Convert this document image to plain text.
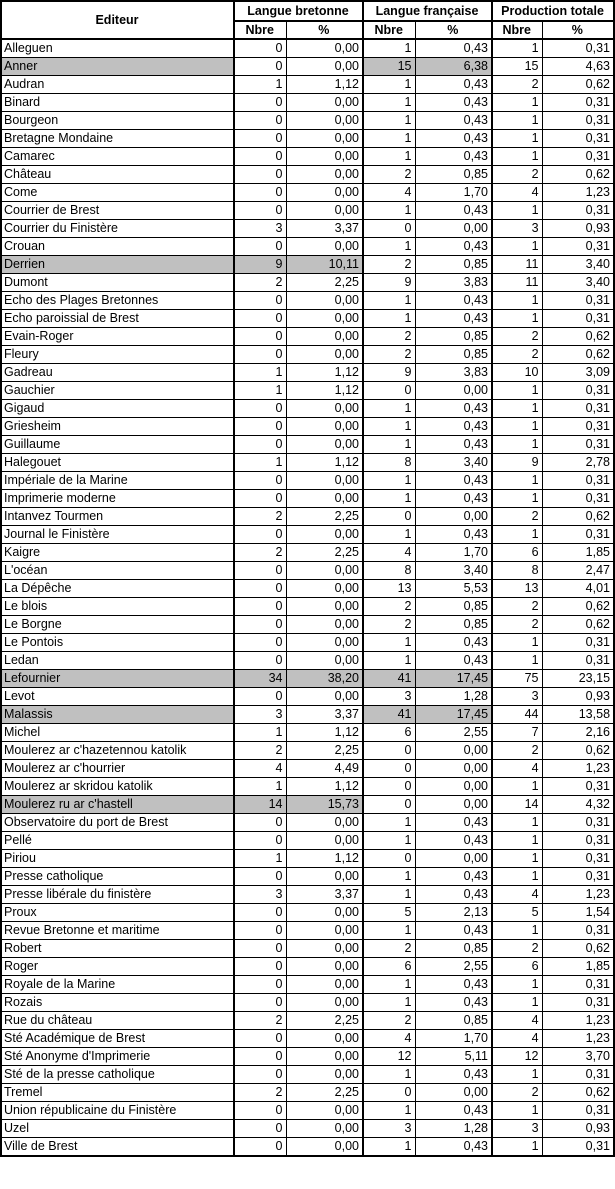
Editeur	Langue bretonne		Langue française		Production totale	
	Nbre	%	Nbre	%	Nbre	%
Alleguen	0	0,00	1	0,43	1	0,31
Anner	0	0,00	15	6,38	15	4,63
Audran	1	1,12	1	0,43	2	0,62
Binard	0	0,00	1	0,43	1	0,31
Bourgeon	0	0,00	1	0,43	1	0,31
Bretagne Mondaine	0	0,00	1	0,43	1	0,31
Camarec	0	0,00	1	0,43	1	0,31
Château	0	0,00	2	0,85	2	0,62
Come	0	0,00	4	1,70	4	1,23
Courrier de Brest	0	0,00	1	0,43	1	0,31
Courrier du Finistère	3	3,37	0	0,00	3	0,93
Crouan	0	0,00	1	0,43	1	0,31
Derrien	9	10,11	2	0,85	11	3,40
Dumont	2	2,25	9	3,83	11	3,40
Echo des Plages Bretonnes	0	0,00	1	0,43	1	0,31
Echo paroissial de Brest	0	0,00	1	0,43	1	0,31
Evain-Roger	0	0,00	2	0,85	2	0,62
Fleury	0	0,00	2	0,85	2	0,62
Gadreau	1	1,12	9	3,83	10	3,09
Gauchier	1	1,12	0	0,00	1	0,31
Gigaud	0	0,00	1	0,43	1	0,31
Griesheim	0	0,00	1	0,43	1	0,31
Guillaume	0	0,00	1	0,43	1	0,31
Halegouet	1	1,12	8	3,40	9	2,78
Impériale de la Marine	0	0,00	1	0,43	1	0,31
Imprimerie moderne	0	0,00	1	0,43	1	0,31
Intanvez Tourmen	2	2,25	0	0,00	2	0,62
Journal le Finistère	0	0,00	1	0,43	1	0,31
Kaigre	2	2,25	4	1,70	6	1,85
L'océan	0	0,00	8	3,40	8	2,47
La Dépêche	0	0,00	13	5,53	13	4,01
Le blois	0	0,00	2	0,85	2	0,62
Le Borgne	0	0,00	2	0,85	2	0,62
Le Pontois	0	0,00	1	0,43	1	0,31
Ledan	0	0,00	1	0,43	1	0,31
Lefournier	34	38,20	41	17,45	75	23,15
Levot	0	0,00	3	1,28	3	0,93
Malassis	3	3,37	41	17,45	44	13,58
Michel	1	1,12	6	2,55	7	2,16
Moulerez ar c'hazetennou katolik	2	2,25	0	0,00	2	0,62
Moulerez ar c'hourrier	4	4,49	0	0,00	4	1,23
Moulerez ar skridou katolik	1	1,12	0	0,00	1	0,31
Moulerez ru ar c'hastell	14	15,73	0	0,00	14	4,32
Observatoire du port de Brest	0	0,00	1	0,43	1	0,31
Pellé	0	0,00	1	0,43	1	0,31
Piriou	1	1,12	0	0,00	1	0,31
Presse catholique	0	0,00	1	0,43	1	0,31
Presse libérale du finistère	3	3,37	1	0,43	4	1,23
Proux	0	0,00	5	2,13	5	1,54
Revue Bretonne et maritime	0	0,00	1	0,43	1	0,31
Robert	0	0,00	2	0,85	2	0,62
Roger	0	0,00	6	2,55	6	1,85
Royale de la Marine	0	0,00	1	0,43	1	0,31
Rozais	0	0,00	1	0,43	1	0,31
Rue du château	2	2,25	2	0,85	4	1,23
Sté Académique de Brest	0	0,00	4	1,70	4	1,23
Sté Anonyme d'Imprimerie	0	0,00	12	5,11	12	3,70
Sté de la presse catholique	0	0,00	1	0,43	1	0,31
Tremel	2	2,25	0	0,00	2	0,62
Union républicaine du Finistère	0	0,00	1	0,43	1	0,31
Uzel	0	0,00	3	1,28	3	0,93
Ville de Brest	0	0,00	1	0,43	1	0,31
